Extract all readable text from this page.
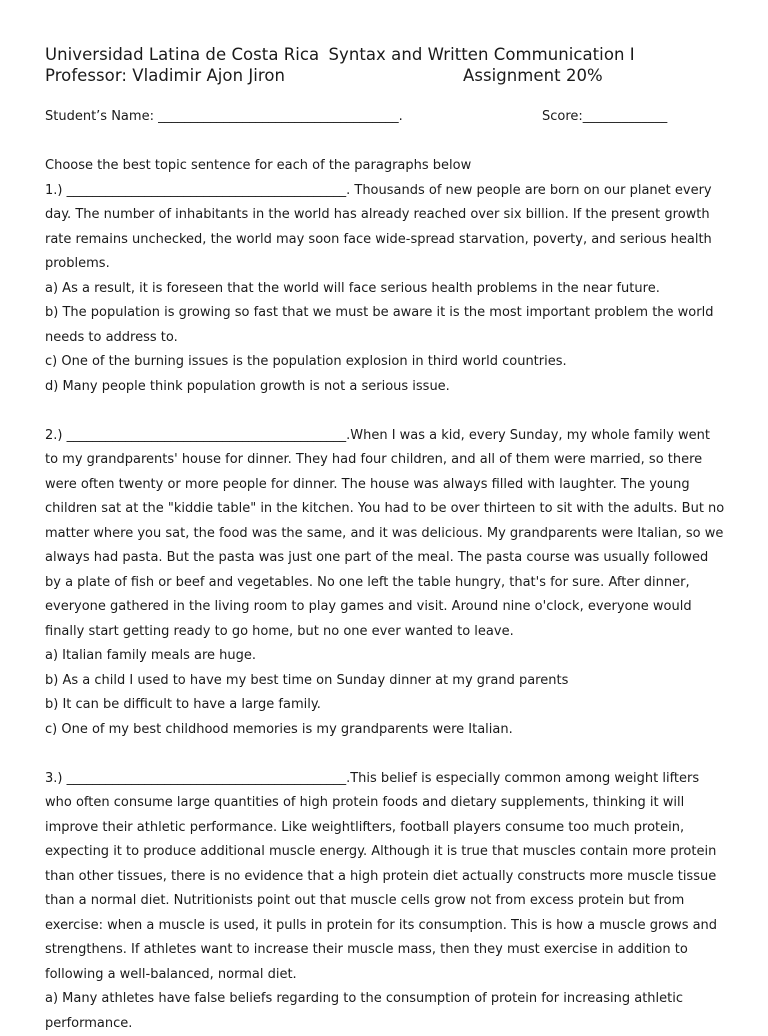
Universidad Latina de Costa Rica Syntax and Written Communication I
Professor: Vladimir Ajon Jiron	Assignment 20%
Student’s Name: _____________________________________.	Score:_____________

Choose the best topic sentence for each of the paragraphs below

1.) ___________________________________________. Thousands of new people are born on our planet every day. The number of inhabitants in the world has already reached over six billion. If the present growth rate remains unchecked, the world may soon face wide-spread starvation, poverty, and serious health problems.

a) As a result, it is foreseen that the world will face serious health problems in the near future.

b) The population is growing so fast that we must be aware it is the most important problem the world needs to address to.

c) One of the burning issues is the population explosion in third world countries.

d) Many people think population growth is not a serious issue.

2.) ___________________________________________.When I was a kid, every Sunday, my whole family went to my grandparents' house for dinner. They had four children, and all of them were married, so there were often twenty or more people for dinner. The house was always filled with laughter. The young children sat at the "kiddie table" in the kitchen. You had to be over thirteen to sit with the adults. But no matter where you sat, the food was the same, and it was delicious. My grandparents were Italian, so we always had pasta. But the pasta was just one part of the meal. The pasta course was usually followed by a plate of fish or beef and vegetables. No one left the table hungry, that's for sure. After dinner, everyone gathered in the living room to play games and visit. Around nine o'clock, everyone would finally start getting ready to go home, but no one ever wanted to leave.

a) Italian family meals are huge.

b) As a child I used to have my best time on Sunday dinner at my grand parents

b) It can be difficult to have a large family.

c) One of my best childhood memories is my grandparents were Italian.

3.) ___________________________________________.This belief is especially common among weight lifters who often consume large quantities of high protein foods and dietary supplements, thinking it will improve their athletic performance. Like weightlifters, football players consume too much protein, expecting it to produce additional muscle energy. Although it is true that muscles contain more protein than other tissues, there is no evidence that a high protein diet actually constructs more muscle tissue than a normal diet. Nutritionists point out that muscle cells grow not from excess protein but from exercise: when a muscle is used, it pulls in protein for its consumption. This is how a muscle grows and strengthens. If athletes want to increase their muscle mass, then they must exercise in addition to following a well-balanced, normal diet.

a) Many athletes have false beliefs regarding to the consumption of protein for increasing athletic performance.
